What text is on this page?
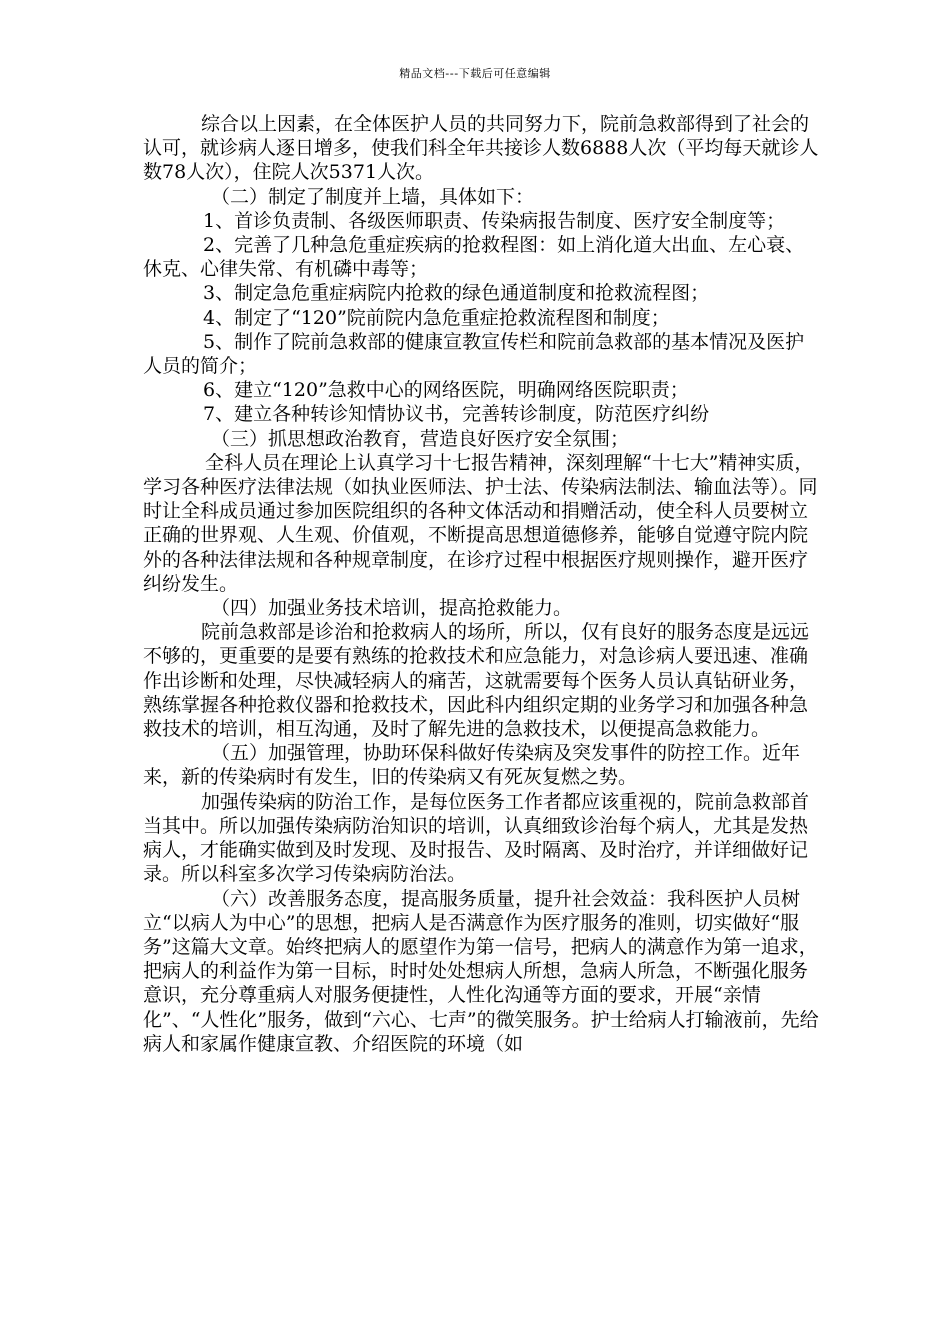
精品文档---下载后可任意编辑

综合以上因素，在全体医护人员的共同努力下，院前急救部得到了社会的认可，就诊病人逐日增多，使我们科全年共接诊人数6888人次（平均每天就诊人数78人次），住院人次5371人次。

（二）制定了制度并上墙，具体如下：

1、首诊负责制、各级医师职责、传染病报告制度、医疗安全制度等；

2、完善了几种急危重症疾病的抢救程图：如上消化道大出血、左心衰、休克、心律失常、有机磷中毒等；

3、制定急危重症病院内抢救的绿色通道制度和抢救流程图；

4、制定了“120”院前院内急危重症抢救流程图和制度；

5、制作了院前急救部的健康宣教宣传栏和院前急救部的基本情况及医护人员的简介；

6、建立“120”急救中心的网络医院，明确网络医院职责；

7、建立各种转诊知情协议书，完善转诊制度，防范医疗纠纷

（三）抓思想政治教育，营造良好医疗安全氛围；

全科人员在理论上认真学习十七报告精神，深刻理解“十七大”精神实质，学习各种医疗法律法规（如执业医师法、护士法、传染病法制法、输血法等）。同时让全科成员通过参加医院组织的各种文体活动和捐赠活动，使全科人员要树立正确的世界观、人生观、价值观，不断提高思想道德修养，能够自觉遵守院内院外的各种法律法规和各种规章制度，在诊疗过程中根据医疗规则操作，避开医疗纠纷发生。

（四）加强业务技术培训，提高抢救能力。

院前急救部是诊治和抢救病人的场所，所以，仅有良好的服务态度是远远不够的，更重要的是要有熟练的抢救技术和应急能力，对急诊病人要迅速、准确作出诊断和处理，尽快减轻病人的痛苦，这就需要每个医务人员认真钻研业务，熟练掌握各种抢救仪器和抢救技术，因此科内组织定期的业务学习和加强各种急救技术的培训，相互沟通，及时了解先进的急救技术，以便提高急救能力。

（五）加强管理，协助环保科做好传染病及突发事件的防控工作。近年来，新的传染病时有发生，旧的传染病又有死灰复燃之势。

加强传染病的防治工作，是每位医务工作者都应该重视的，院前急救部首当其中。所以加强传染病防治知识的培训，认真细致诊治每个病人，尤其是发热病人，才能确实做到及时发现、及时报告、及时隔离、及时治疗，并详细做好记录。所以科室多次学习传染病防治法。

（六）改善服务态度，提高服务质量，提升社会效益：我科医护人员树立“以病人为中心”的思想，把病人是否满意作为医疗服务的准则，切实做好“服务”这篇大文章。始终把病人的愿望作为第一信号，把病人的满意作为第一追求，把病人的利益作为第一目标，时时处处想病人所想，急病人所急，不断强化服务意识，充分尊重病人对服务便捷性，人性化沟通等方面的要求，开展“亲情化”、“人性化”服务，做到“六心、七声”的微笑服务。护士给病人打输液前，先给病人和家属作健康宣教、介绍医院的环境（如
